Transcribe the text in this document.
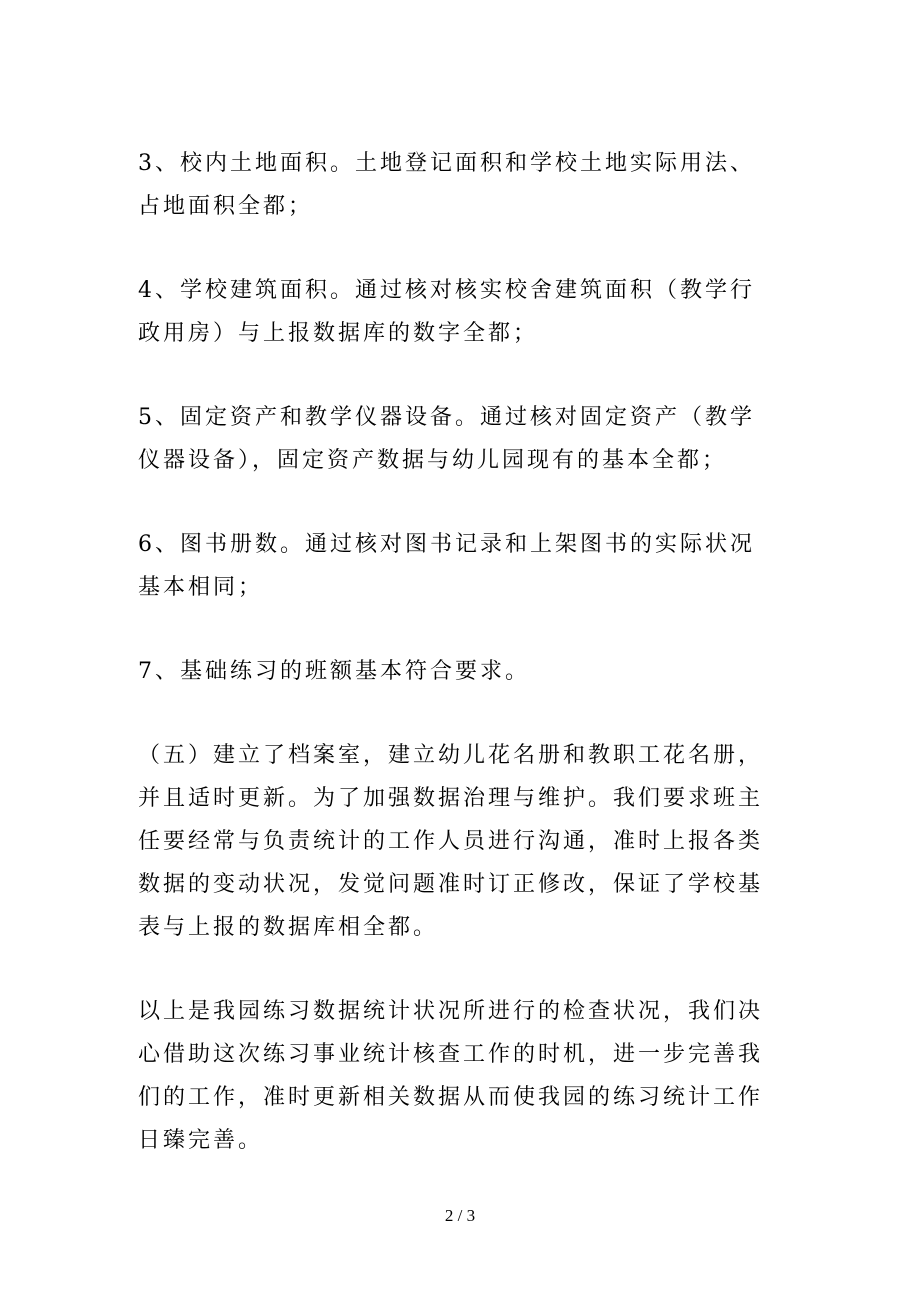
3、校内土地面积。土地登记面积和学校土地实际用法、占地面积全都；

4、学校建筑面积。通过核对核实校舍建筑面积（教学行政用房）与上报数据库的数字全都；

5、固定资产和教学仪器设备。通过核对固定资产（教学仪器设备），固定资产数据与幼儿园现有的基本全都；

6、图书册数。通过核对图书记录和上架图书的实际状况基本相同；

7、基础练习的班额基本符合要求。

（五）建立了档案室，建立幼儿花名册和教职工花名册，并且适时更新。为了加强数据治理与维护。我们要求班主任要经常与负责统计的工作人员进行沟通，准时上报各类数据的变动状况，发觉问题准时订正修改，保证了学校基表与上报的数据库相全都。

以上是我园练习数据统计状况所进行的检查状况，我们决心借助这次练习事业统计核查工作的时机，进一步完善我们的工作，准时更新相关数据从而使我园的练习统计工作日臻完善。

2 / 3
